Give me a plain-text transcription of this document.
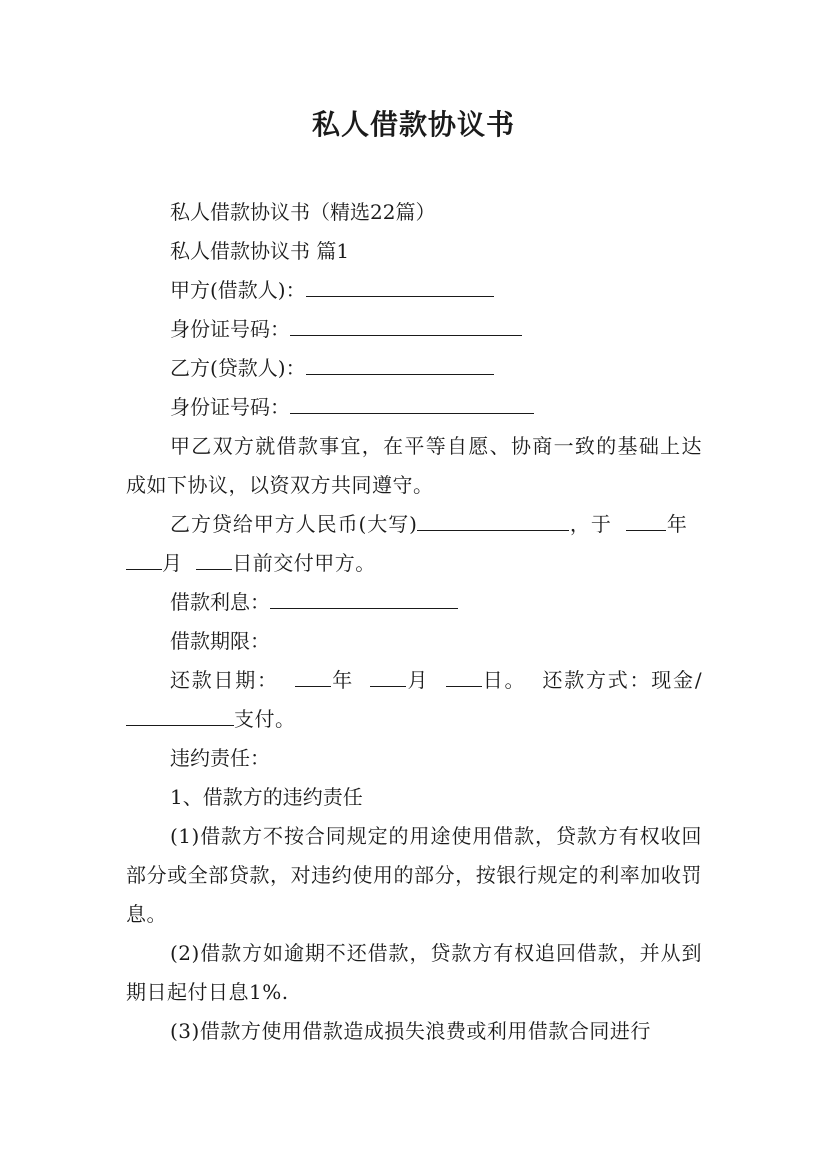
私人借款协议书
私人借款协议书（精选22篇）
私人借款协议书 篇1
甲方(借款人)：
身份证号码：
乙方(贷款人)：
身份证号码：
甲乙双方就借款事宜，在平等自愿、协商一致的基础上达成如下协议，以资双方共同遵守。
乙方贷给甲方人民币(大写)	，于	年  月 日前交付甲方。
借款利息：
借款期限：
还款日期：	年	月	日。 还款方式：现金/支付。
违约责任：
1、借款方的违约责任
(1)借款方不按合同规定的用途使用借款，贷款方有权收回部分或全部贷款，对违约使用的部分，按银行规定的利率加收罚息。
(2)借款方如逾期不还借款，贷款方有权追回借款，并从到期日起付日息1%.
(3)借款方使用借款造成损失浪费或利用借款合同进行
